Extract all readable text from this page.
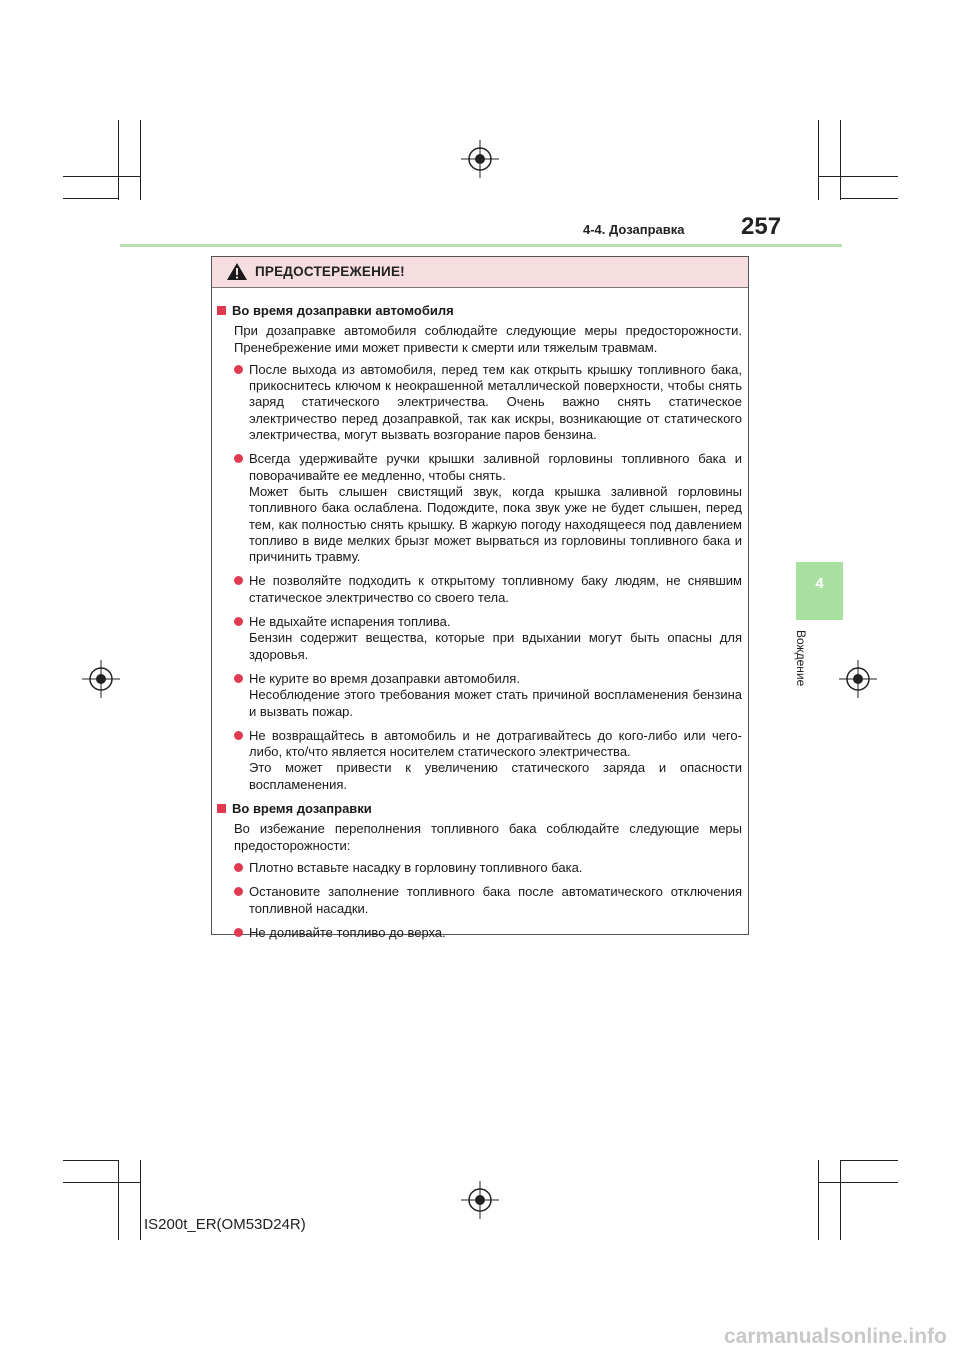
4-4. Дозаправка 257
4
Вождение
ПРЕДОСТЕРЕЖЕНИЕ!
Во время дозаправки автомобиля

При дозаправке автомобиля соблюдайте следующие меры предосторожности. Пренебрежение ими может привести к смерти или тяжелым травмам.

После выхода из автомобиля, перед тем как открыть крышку топливного бака, прикоснитесь ключом к неокрашенной металлической поверхности, чтобы снять заряд статического электричества. Очень важно снять статическое электричество перед дозаправкой, так как искры, возникающие от статического электричества, могут вызвать возгорание паров бензина.

Всегда удерживайте ручки крышки заливной горловины топливного бака и поворачивайте ее медленно, чтобы снять.

Может быть слышен свистящий звук, когда крышка заливной горловины топливного бака ослаблена. Подождите, пока звук уже не будет слышен, перед тем, как полностью снять крышку. В жаркую погоду находящееся под давлением топливо в виде мелких брызг может вырваться из горловины топливного бака и причинить травму.

Не позволяйте подходить к открытому топливному баку людям, не снявшим статическое электричество со своего тела.

Не вдыхайте испарения топлива.

Бензин содержит вещества, которые при вдыхании могут быть опасны для здоровья.

Не курите во время дозаправки автомобиля.

Несоблюдение этого требования может стать причиной воспламенения бензина и вызвать пожар.

Не возвращайтесь в автомобиль и не дотрагивайтесь до кого-либо или чего-либо, кто/что является носителем статического электричества.

Это может привести к увеличению статического заряда и опасности воспламенения.

Во время дозаправки

Во избежание переполнения топливного бака соблюдайте следующие меры предосторожности:

Плотно вставьте насадку в горловину топливного бака.

Остановите заполнение топливного бака после автоматического отключения топливной насадки.

Не доливайте топливо до верха.

IS200t_ER(OM53D24R)
carmanualsonline.info
